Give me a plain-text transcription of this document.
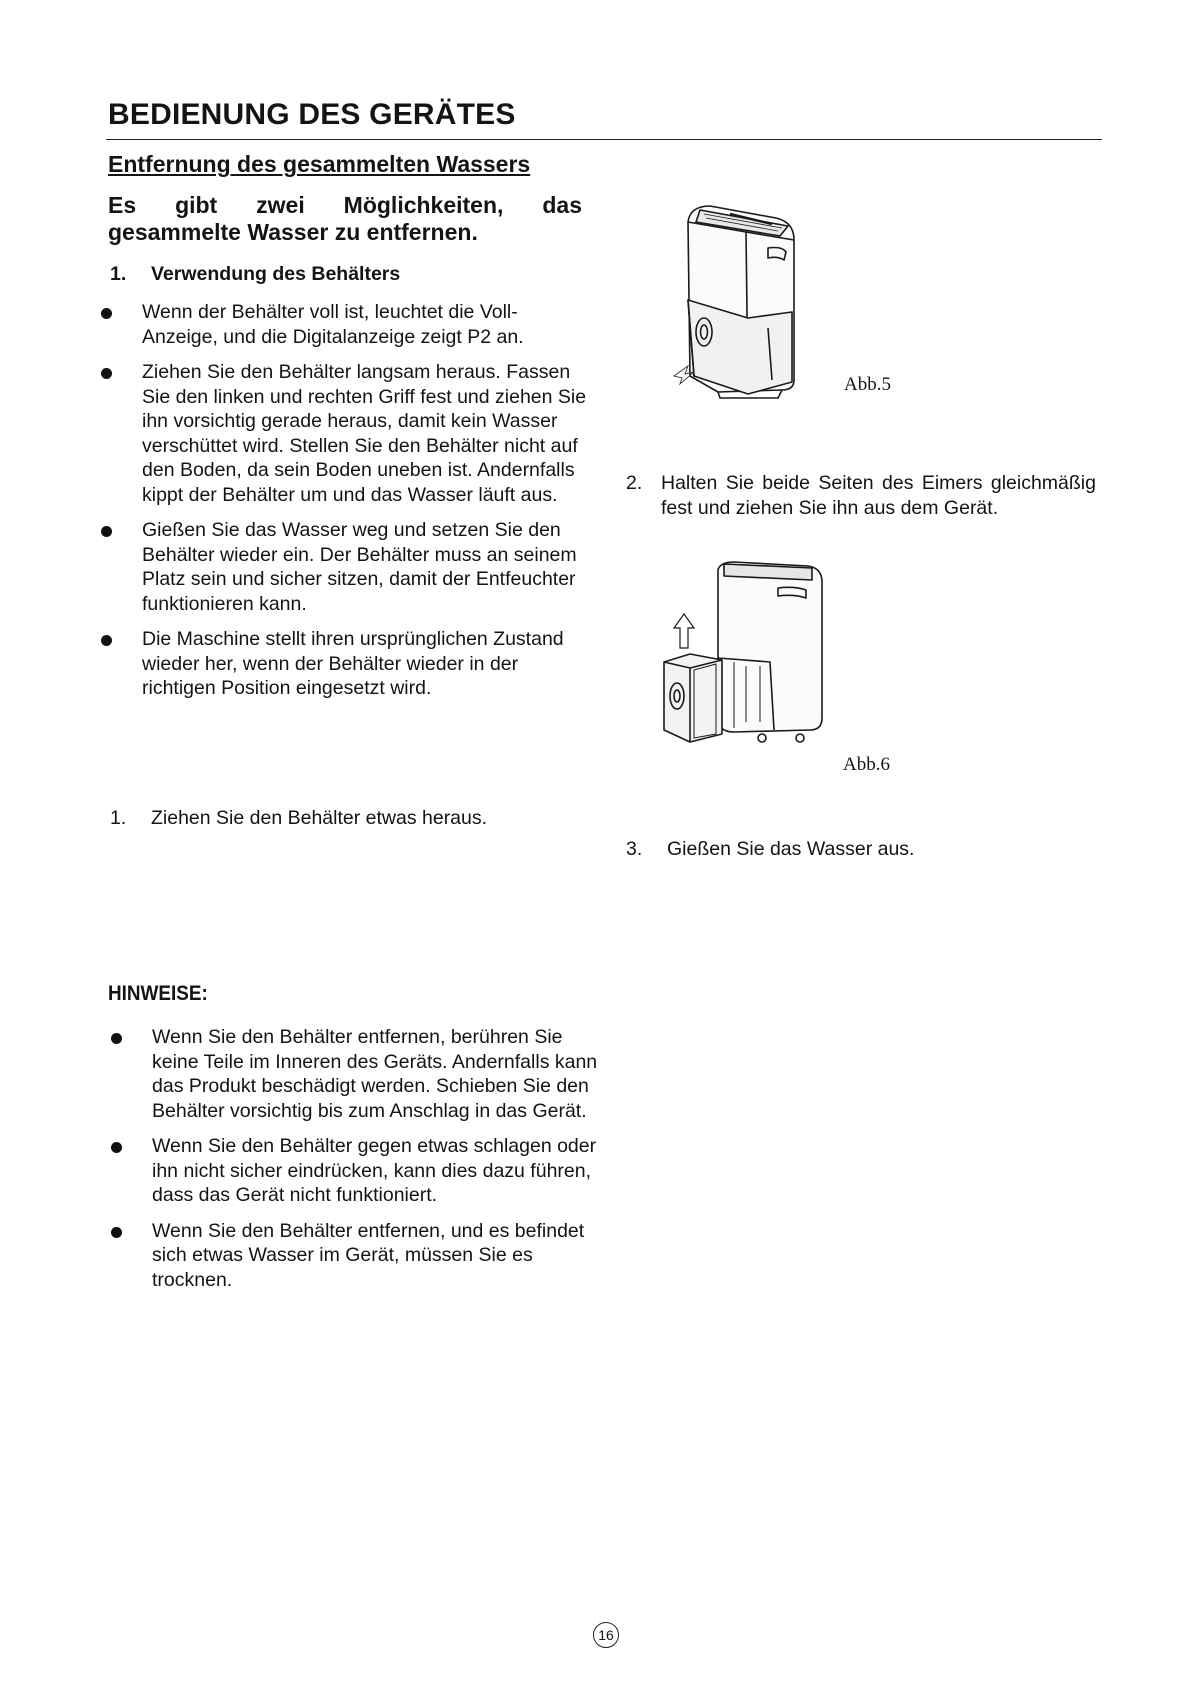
BEDIENUNG DES GERÄTES
Entfernung des gesammelten Wassers
Es gibt zwei Möglichkeiten, das gesammelte Wasser zu entfernen.
1. Verwendung des Behälters
Wenn der Behälter voll ist, leuchtet die Voll-Anzeige, und die Digitalanzeige zeigt P2 an.
Ziehen Sie den Behälter langsam heraus. Fassen Sie den linken und rechten Griff fest und ziehen Sie ihn vorsichtig gerade heraus, damit kein Wasser verschüttet wird. Stellen Sie den Behälter nicht auf den Boden, da sein Boden uneben ist. Andernfalls kippt der Behälter um und das Wasser läuft aus.
Gießen Sie das Wasser weg und setzen Sie den Behälter wieder ein. Der Behälter muss an seinem Platz sein und sicher sitzen, damit der Entfeuchter funktionieren kann.
Die Maschine stellt ihren ursprünglichen Zustand wieder her, wenn der Behälter wieder in der richtigen Position eingesetzt wird.
1. Ziehen Sie den Behälter etwas heraus.
2. Halten Sie beide Seiten des Eimers gleichmäßig fest und ziehen Sie ihn aus dem Gerät.
3. Gießen Sie das Wasser aus.
Abb.5
Abb.6
HINWEISE:
Wenn Sie den Behälter entfernen, berühren Sie keine Teile im Inneren des Geräts. Andernfalls kann das Produkt beschädigt werden. Schieben Sie den Behälter vorsichtig bis zum Anschlag in das Gerät.
Wenn Sie den Behälter gegen etwas schlagen oder ihn nicht sicher eindrücken, kann dies dazu führen, dass das Gerät nicht funktioniert.
Wenn Sie den Behälter entfernen, und es befindet sich etwas Wasser im Gerät, müssen Sie es trocknen.
16
